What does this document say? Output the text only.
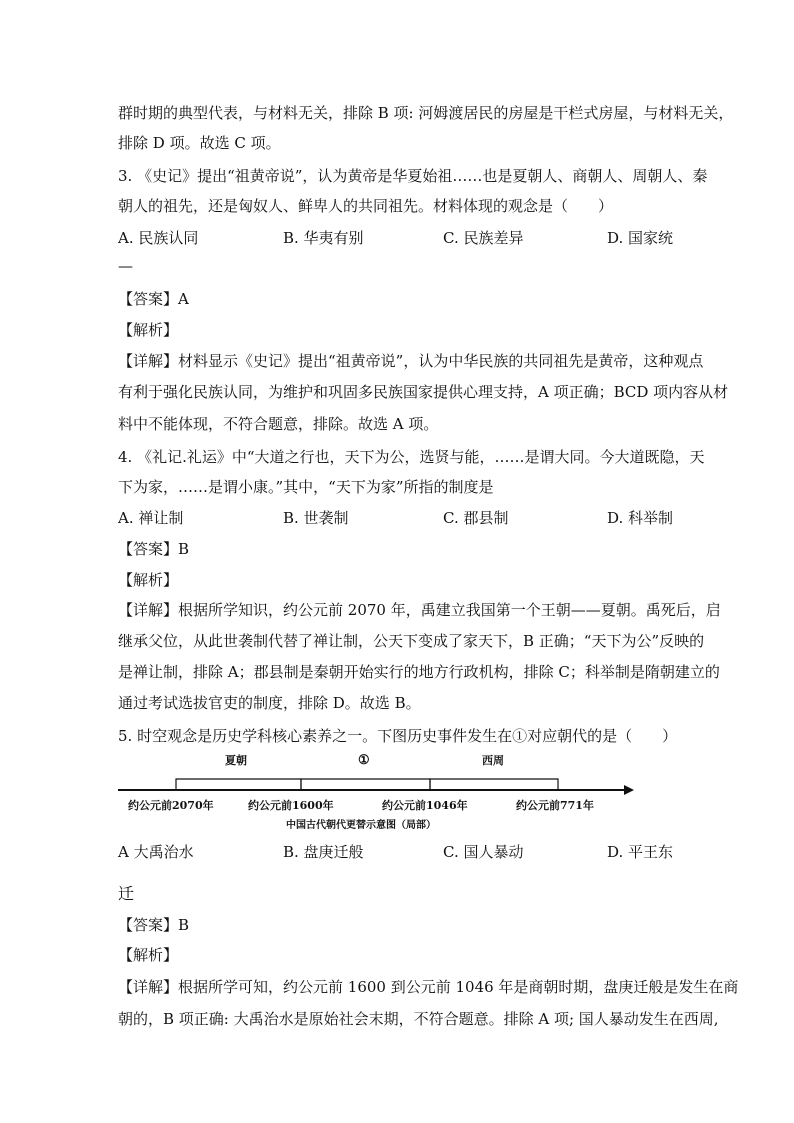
群时期的典型代表，与材料无关，排除 B 项: 河姆渡居民的房屋是干栏式房屋，与材料无关，
排除 D 项。故选 C 项。
3. 《史记》提出“祖黄帝说”，认为黄帝是华夏始祖……也是夏朝人、商朝人、周朝人、秦
朝人的祖先，还是匈奴人、鲜卑人的共同祖先。材料体现的观念是（　　）
A. 民族认同	B. 华夷有别	C. 民族差异	D. 国家统
—
【答案】A
【解析】
【详解】材料显示《史记》提出“祖黄帝说”，认为中华民族的共同祖先是黄帝，这种观点
有利于强化民族认同，为维护和巩固多民族国家提供心理支持，A 项正确；BCD 项内容从材
料中不能体现，不符合题意，排除。故选 A 项。
4. 《礼记.礼运》中“大道之行也，天下为公，选贤与能，……是谓大同。今大道既隐，天
下为家，……是谓小康。”其中，“天下为家”所指的制度是
A. 禅让制	B. 世袭制	C. 郡县制	D. 科举制
【答案】B
【解析】
【详解】根据所学知识，约公元前 2070 年，禹建立我国第一个王朝——夏朝。禹死后，启
继承父位，从此世袭制代替了禅让制，公天下变成了家天下，B 正确；“天下为公”反映的
是禅让制，排除 A；郡县制是秦朝开始实行的地方行政机构，排除 C；科举制是隋朝建立的
通过考试选拔官吏的制度，排除 D。故选 B。
5. 时空观念是历史学科核心素养之一。下图历史事件发生在①对应朝代的是（　　）
夏朝	①	西周
约公元前2070年	约公元前1600年	约公元前1046年	约公元前771年
中国古代朝代更替示意图（局部）
A 大禹治水	B. 盘庚迁般	C. 国人暴动	D. 平王东
迁
【答案】B
【解析】
【详解】根据所学可知，约公元前 1600 到公元前 1046 年是商朝时期，盘庚迁般是发生在商
朝的，B 项正确: 大禹治水是原始社会末期，不符合题意。排除 A 项; 国人暴动发生在西周,
